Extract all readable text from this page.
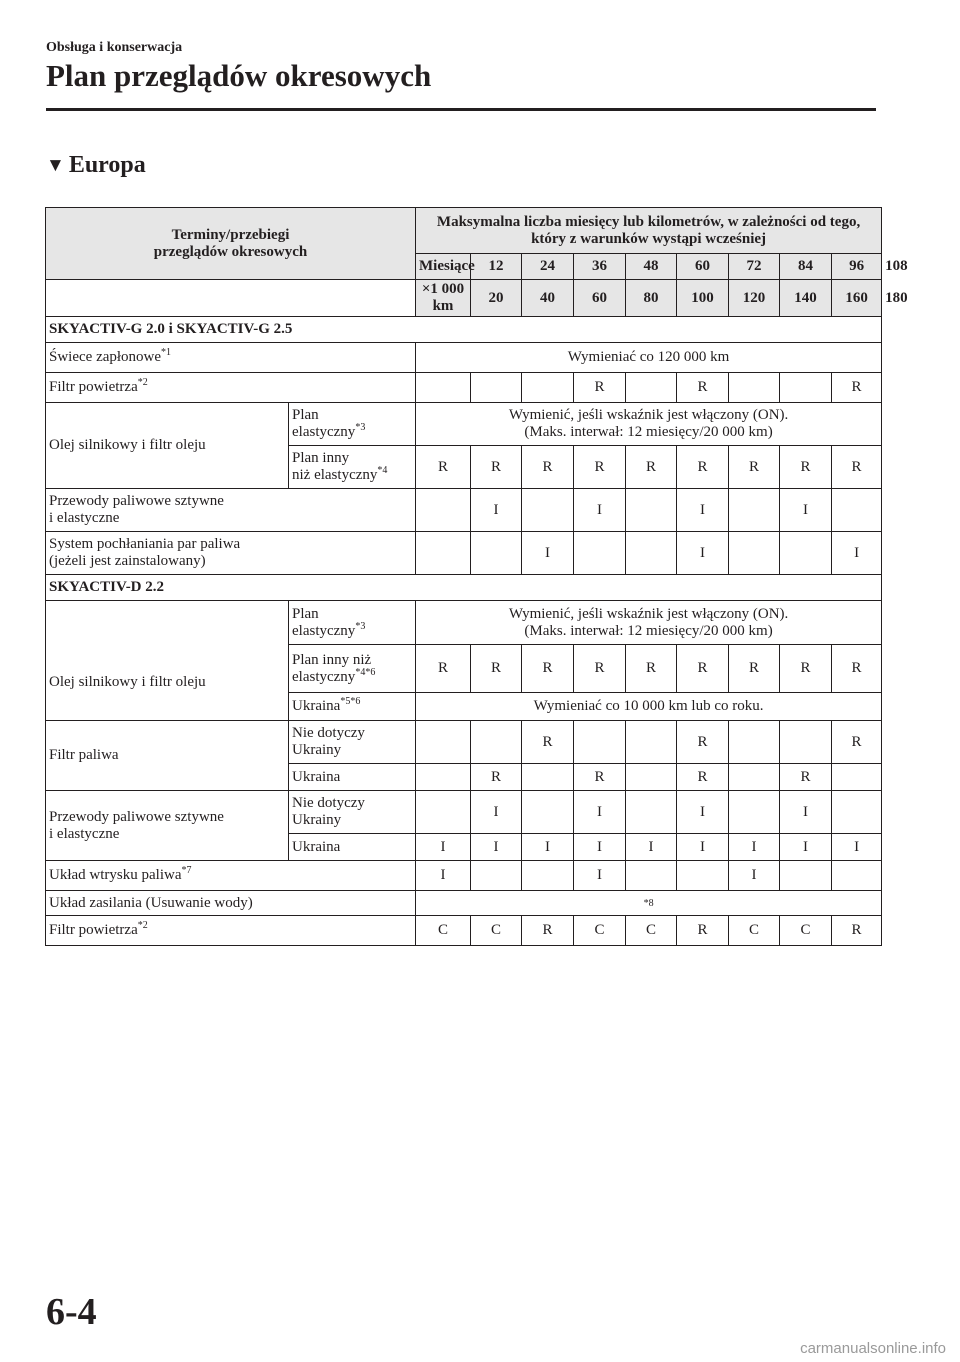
Obsługa i konserwacja
Plan przeglądów okresowych
▼ Europa
Terminy/przebiegi
przeglądów okresowych		Maksymalna liczba miesięcy lub kilometrów, w zależności od tego,
który z warunków wystąpi wcześniej									
		Miesiące	12	24	36	48	60	72	84	96	108
		×1 000 km	20	40	60	80	100	120	140	160	180
SKYACTIV-G 2.0 i SKYACTIV-G 2.5											
Świece zapłonowe$^{*1}$		Wymieniać co 120 000 km									
Filtr powietrza$^{*2}$					R		R			R	
Olej silnikowy i filtr oleju	Plan
elastyczny$^{*3}$	Wymienić, jeśli wskaźnik jest włączony (ON).
(Maks. interwał: 12 miesięcy/20 000 km)									
	Plan inny
niż elastyczny$^{*4}$	R	R	R	R	R	R	R	R	R	
Przewody paliwowe sztywne
i elastyczne			I		I		I		I		
System pochłaniania par paliwa
(jeżeli jest zainstalowany)				I			I			I	
SKYACTIV-D 2.2											
	Plan
elastyczny$^{*3}$	Wymienić, jeśli wskaźnik jest włączony (ON).
(Maks. interwał: 12 miesięcy/20 000 km)									
Olej silnikowy i filtr oleju	Plan inny niż
elastyczny$^{*4*6}$	R	R	R	R	R	R	R	R	R	
	Ukraina$^{*5*6}$	Wymieniać co 10 000 km lub co roku.									
Filtr paliwa	Nie dotyczy
Ukrainy			R			R			R	
	Ukraina		R		R		R		R		
Przewody paliwowe sztywne
i elastyczne	Nie dotyczy
Ukrainy		I		I		I		I		
	Ukraina	I	I	I	I	I	I	I	I	I	
Układ wtrysku paliwa$^{*7}$		I			I			I			
Układ zasilania (Usuwanie wody)		*8									
Filtr powietrza$^{*2}$		C	C	R	C	C	R	C	C	R	
6-4
carmanualsonline.info
